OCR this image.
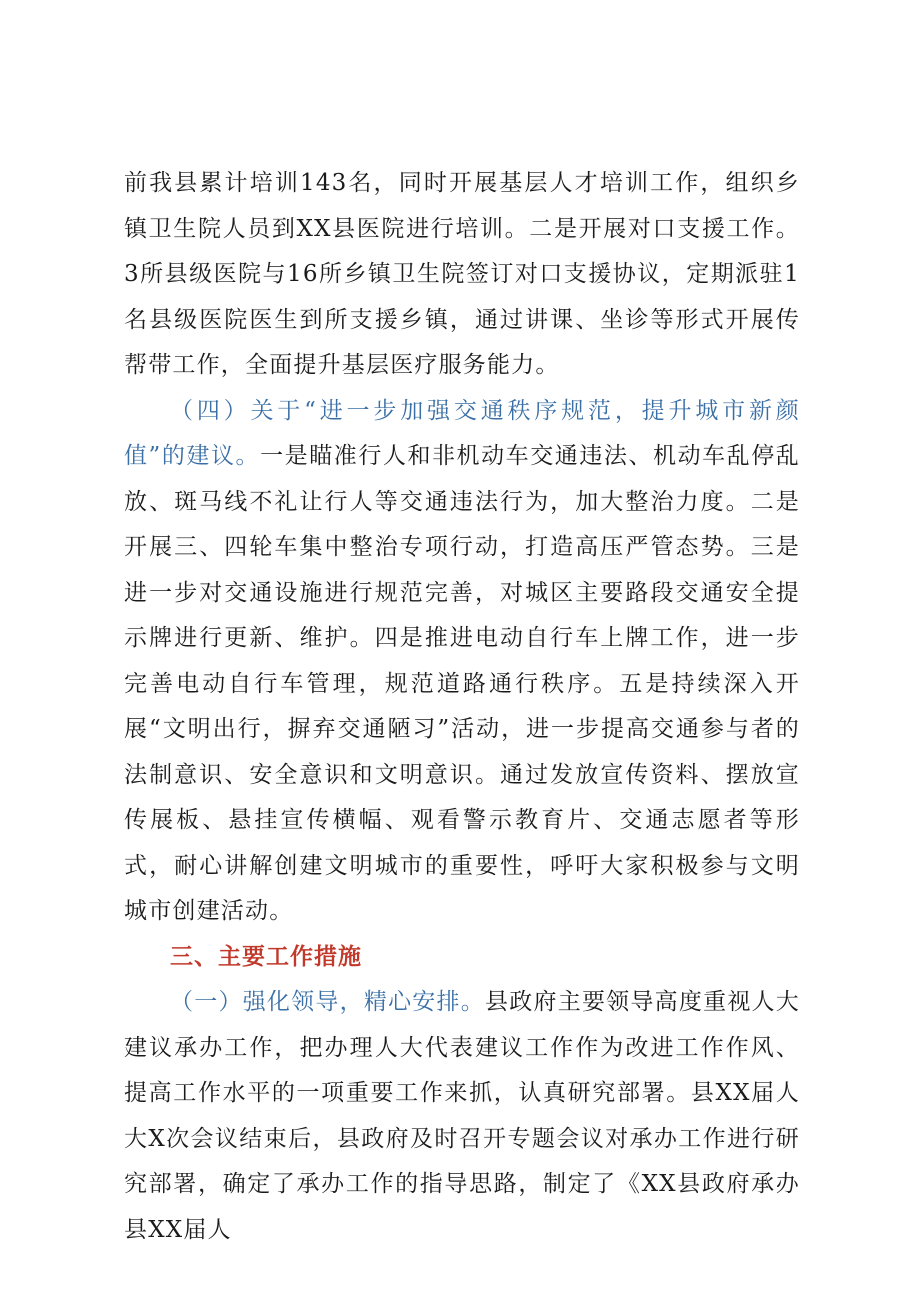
前我县累计培训143名，同时开展基层人才培训工作，组织乡镇卫生院人员到XX县医院进行培训。二是开展对口支援工作。3所县级医院与16所乡镇卫生院签订对口支援协议，定期派驻1名县级医院医生到所支援乡镇，通过讲课、坐诊等形式开展传帮带工作，全面提升基层医疗服务能力。

（四）关于“进一步加强交通秩序规范，提升城市新颜值”的建议。一是瞄准行人和非机动车交通违法、机动车乱停乱放、斑马线不礼让行人等交通违法行为，加大整治力度。二是开展三、四轮车集中整治专项行动，打造高压严管态势。三是进一步对交通设施进行规范完善，对城区主要路段交通安全提示牌进行更新、维护。四是推进电动自行车上牌工作，进一步完善电动自行车管理，规范道路通行秩序。五是持续深入开展“文明出行，摒弃交通陋习”活动，进一步提高交通参与者的法制意识、安全意识和文明意识。通过发放宣传资料、摆放宣传展板、悬挂宣传横幅、观看警示教育片、交通志愿者等形式，耐心讲解创建文明城市的重要性，呼吁大家积极参与文明城市创建活动。

三、主要工作措施

（一）强化领导，精心安排。县政府主要领导高度重视人大建议承办工作，把办理人大代表建议工作作为改进工作作风、提高工作水平的一项重要工作来抓，认真研究部署。县XX届人大X次会议结束后，县政府及时召开专题会议对承办工作进行研究部署，确定了承办工作的指导思路，制定了《XX县政府承办县XX届人
